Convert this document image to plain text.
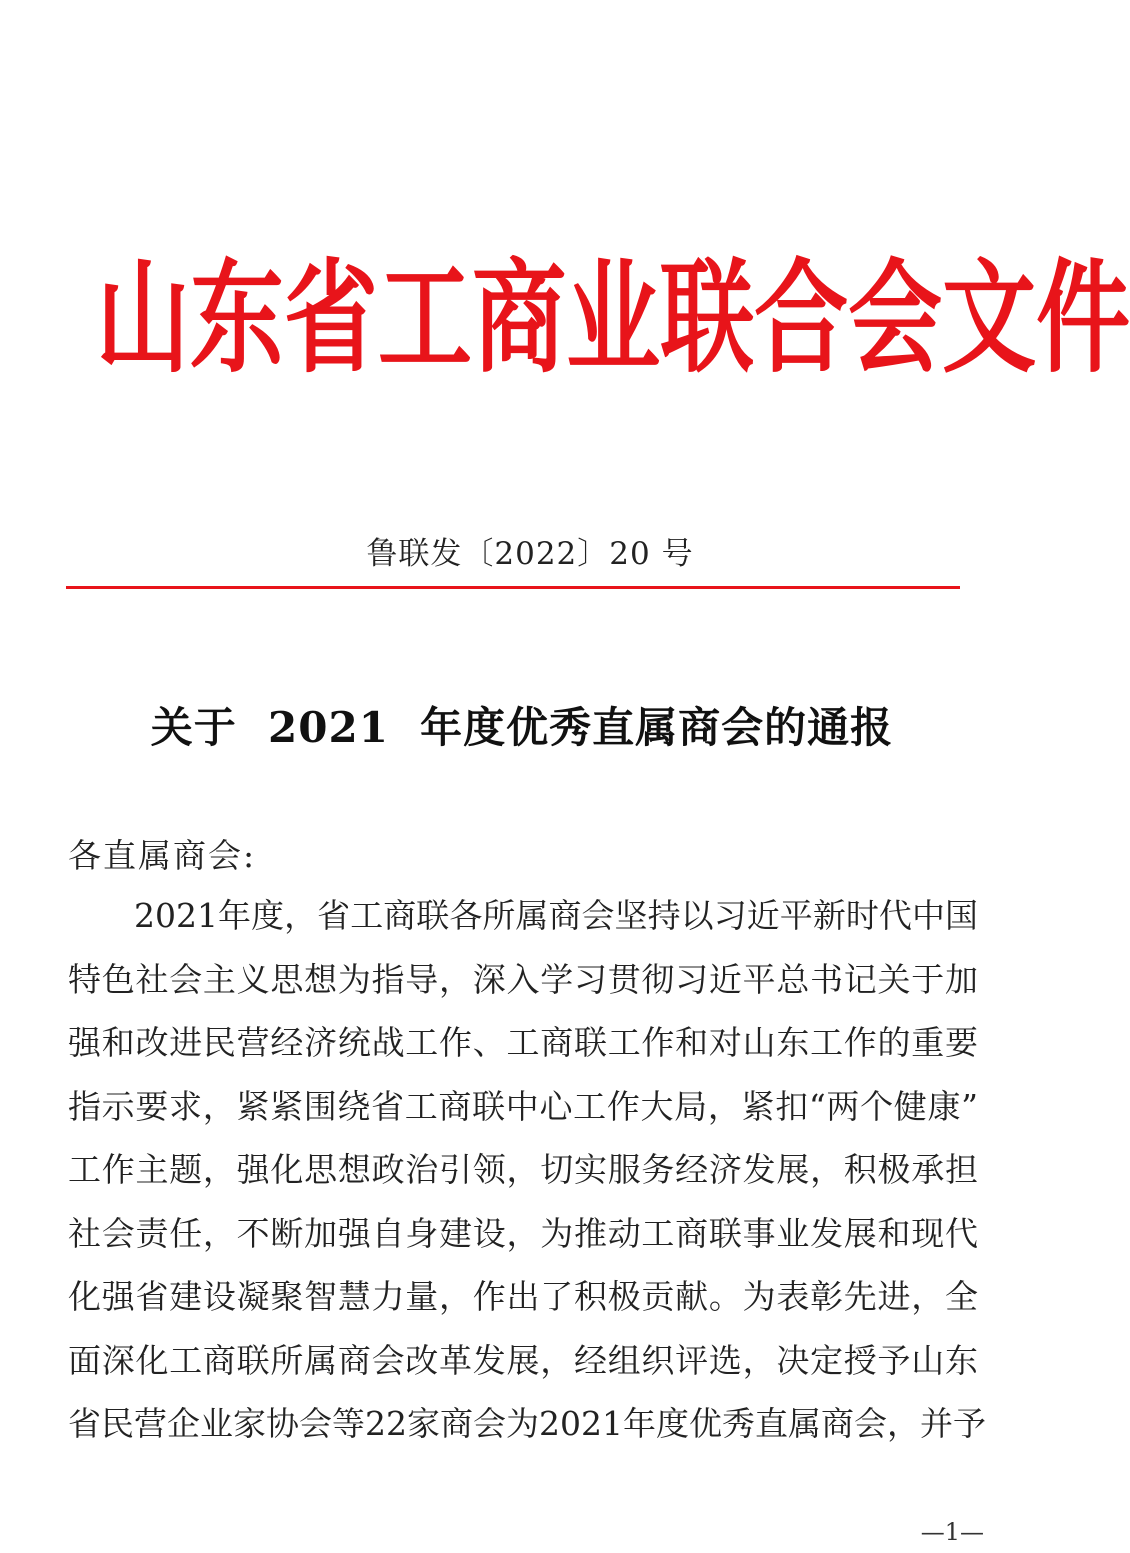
山 东 省 工 商 业 联 合 会 文 件
鲁联发〔2022〕20 号
关于  2021  年度优秀直属商会的通报
各直属商会:
2021年度，省工商联各所属商会坚持以习近平新时代中国
特色社会主义思想为指导，深入学习贯彻习近平总书记关于加
强和改进民营经济统战工作、工商联工作和对山东工作的重要
指示要求，紧紧围绕省工商联中心工作大局，紧扣“两个健康”
工作主题，强化思想政治引领，切实服务经济发展，积极承担
社会责任，不断加强自身建设，为推动工商联事业发展和现代
化强省建设凝聚智慧力量，作出了积极贡献。为表彰先进，全
面深化工商联所属商会改革发展，经组织评选，决定授予山东
省民营企业家协会等22家商会为2021年度优秀直属商会，并予
—1—
